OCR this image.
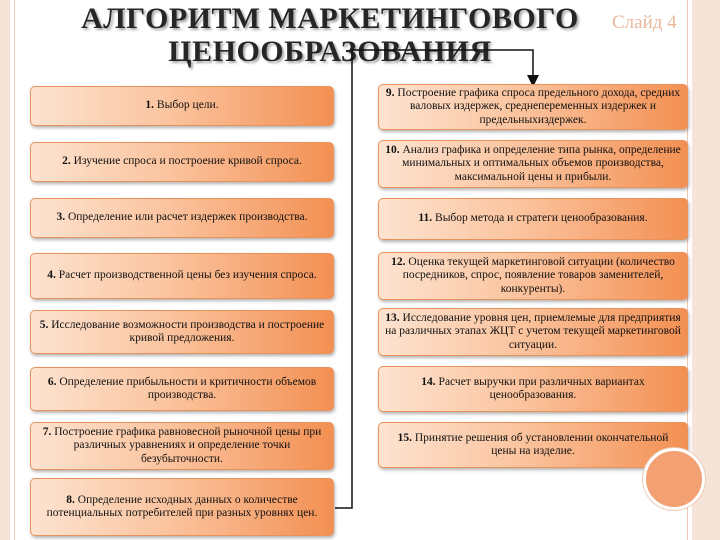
АЛГОРИТМ МАРКЕТИНГОВОГО
ЦЕНООБРАЗОВАНИЯ
Слайд 4
1. Выбор цели.
2. Изучение спроса и построение кривой спроса.
3. Определение или расчет издержек производства.
4. Расчет производственной цены без изучения спроса.
5. Исследование возможности производства и построение кривой предложения.
6. Определение прибыльности и критичности объемов производства.
7. Построение графика равновесной рыночной цены при различных уравнениях и определение точки безубыточности.
8. Определение исходных данных о количестве потенциальных потребителей при разных уровнях цен.
9. Построение графика спроса предельного дохода, средних валовых издержек, среднепеременных издержек и предельныхиздержек.
10. Анализ графика и определение типа рынка, определение минимальных и оптимальных объемов производства, максимальной цены и прибыли.
11. Выбор метода и стратеги ценообразования.
12. Оценка текущей маркетинговой ситуации (количество посредников, спрос, появление товаров заменителей, конкуренты).
13. Исследование уровня цен, приемлемые для предприятия на различных этапах ЖЦТ с учетом текущей маркетинговой ситуации.
14. Расчет выручки при различных вариантах ценообразования.
15. Принятие решения об установлении окончательной цены на изделие.
